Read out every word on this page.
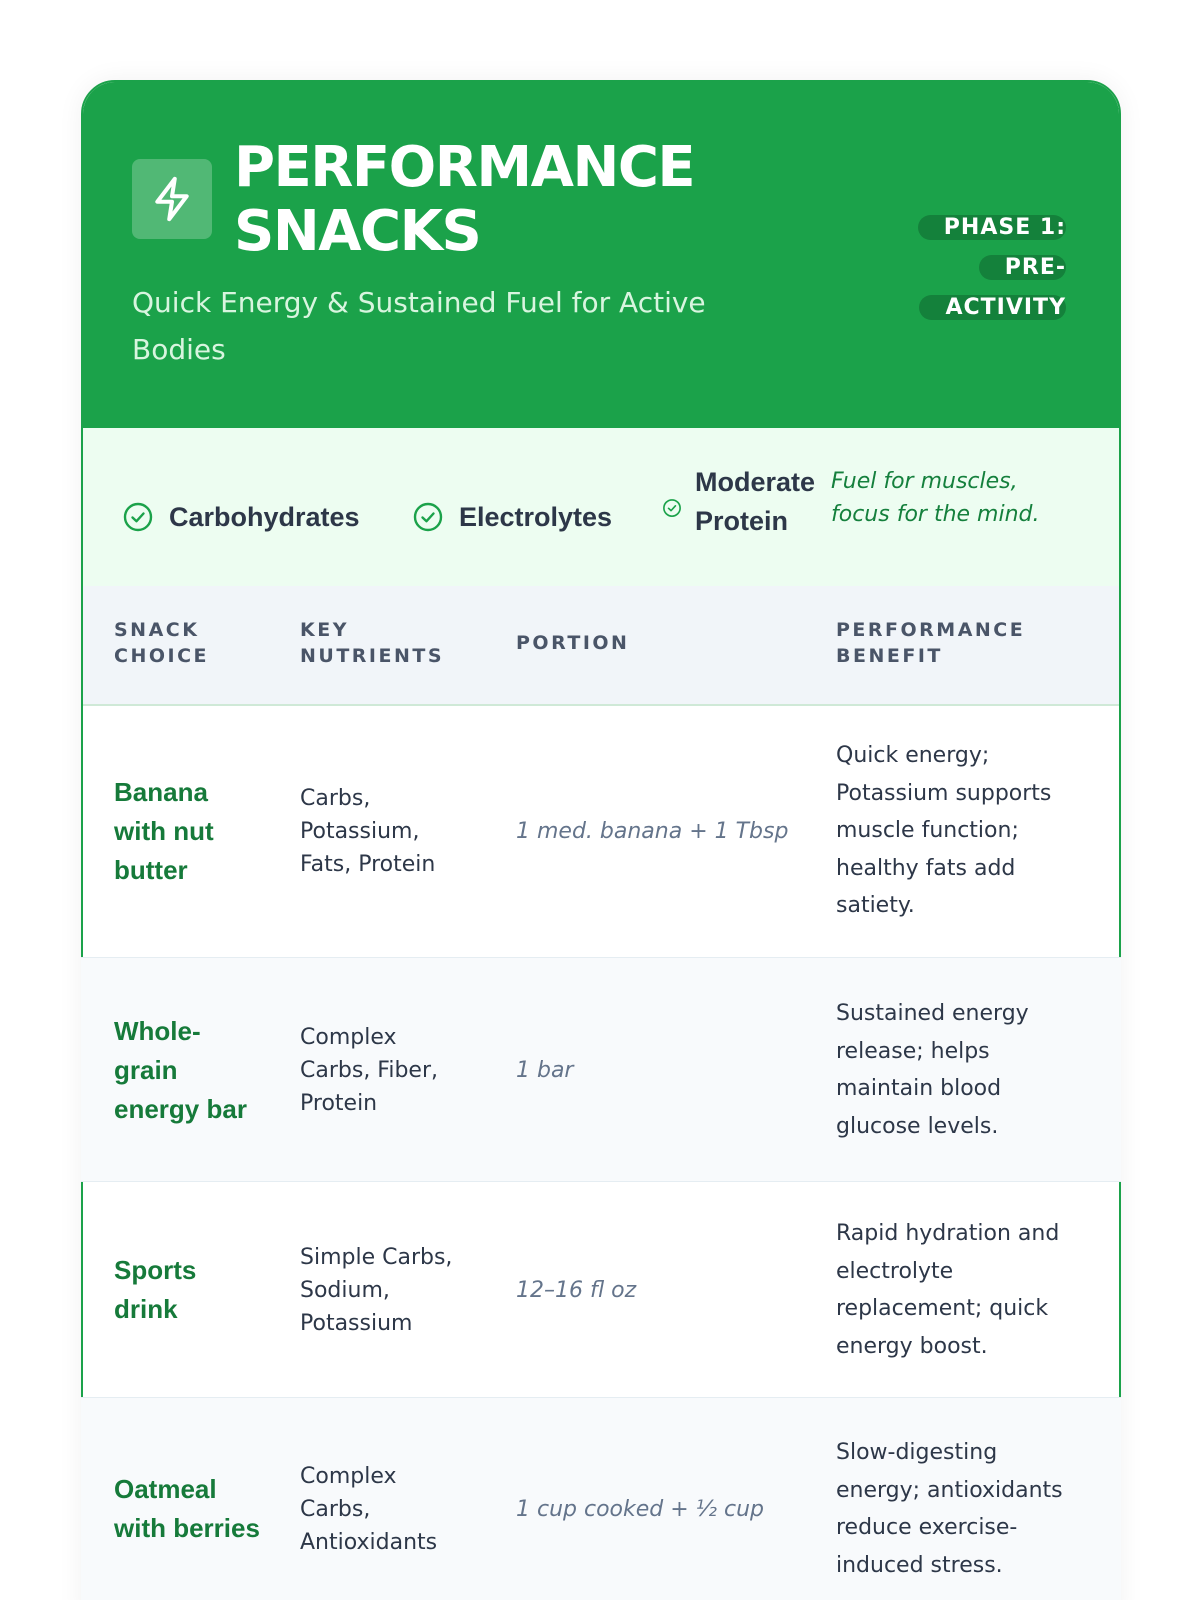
PERFORMANCE SNACKS
Quick Energy & Sustained Fuel for Active Bodies
PHASE 1: PRE-ACTIVITY
Carbohydrates	Electrolytes
Moderate Protein
Fuel for muscles, focus for the mind.
SNACK CHOICE
KEY NUTRIENTS
PORTION
PERFORMANCE BENEFIT
Banana with nut butter
Carbs, Potassium, Fats, Protein
1 med. banana + 1 Tbsp
Quick energy; Potassium supports muscle function; healthy fats add satiety.
Whole-grain energy bar
Complex Carbs, Fiber, Protein
1 bar
Sustained energy release; helps maintain blood glucose levels.
Sports drink
Simple Carbs, Sodium, Potassium
12–16 fl oz
Rapid hydration and electrolyte replacement; quick energy boost.
Oatmeal with berries
Complex Carbs, Antioxidants
1 cup cooked + ½ cup
Slow-digesting energy; antioxidants reduce exercise-induced stress.
